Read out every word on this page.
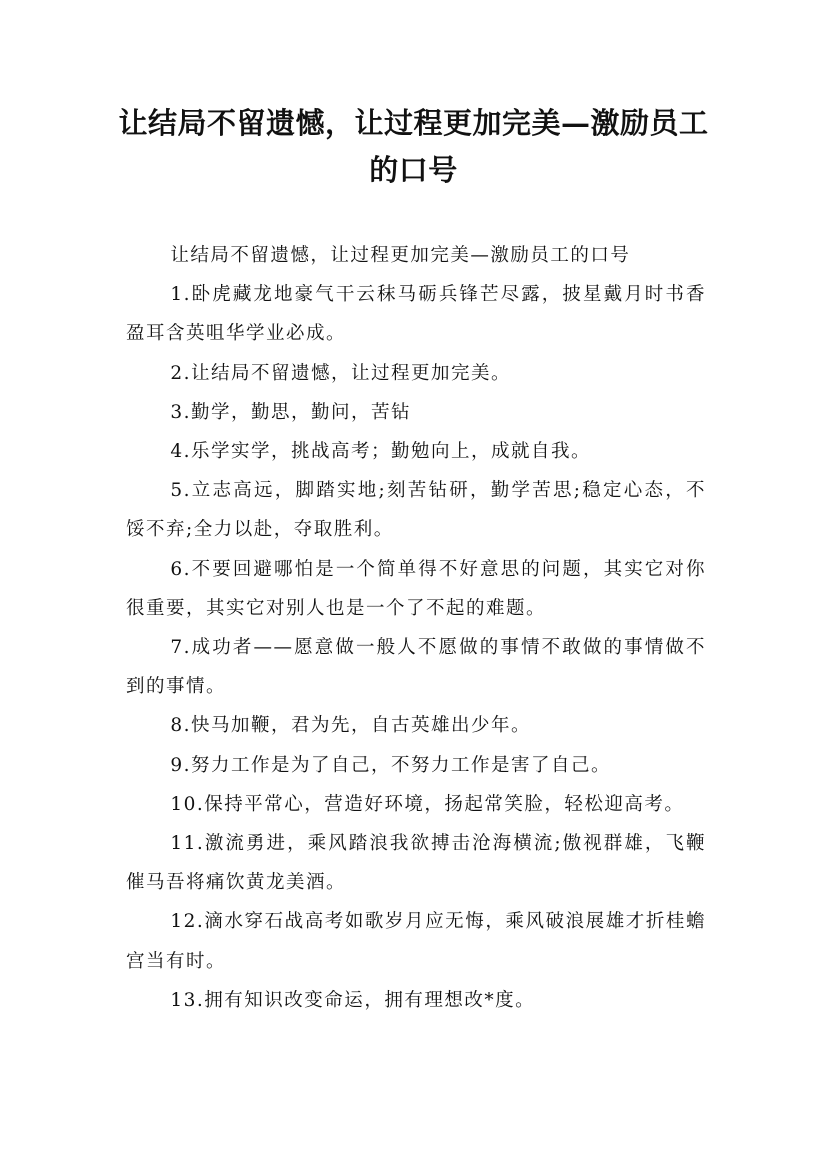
让结局不留遗憾，让过程更加完美—激励员工的口号

让结局不留遗憾，让过程更加完美—激励员工的口号

1.卧虎藏龙地豪气干云秣马砺兵锋芒尽露，披星戴月时书香盈耳含英咀华学业必成。

2.让结局不留遗憾，让过程更加完美。

3.勤学，勤思，勤问，苦钻

4.乐学实学，挑战高考；勤勉向上，成就自我。

5.立志高远，脚踏实地;刻苦钻研，勤学苦思;稳定心态，不馁不弃;全力以赴，夺取胜利。

6.不要回避哪怕是一个简单得不好意思的问题，其实它对你很重要，其实它对别人也是一个了不起的难题。

7.成功者——愿意做一般人不愿做的事情不敢做的事情做不到的事情。

8.快马加鞭，君为先，自古英雄出少年。

9.努力工作是为了自己，不努力工作是害了自己。

10.保持平常心，营造好环境，扬起常笑脸，轻松迎高考。

11.激流勇进，乘风踏浪我欲搏击沧海横流;傲视群雄，飞鞭催马吾将痛饮黄龙美酒。

12.滴水穿石战高考如歌岁月应无悔，乘风破浪展雄才折桂蟾宫当有时。

13.拥有知识改变命运，拥有理想改*度。
